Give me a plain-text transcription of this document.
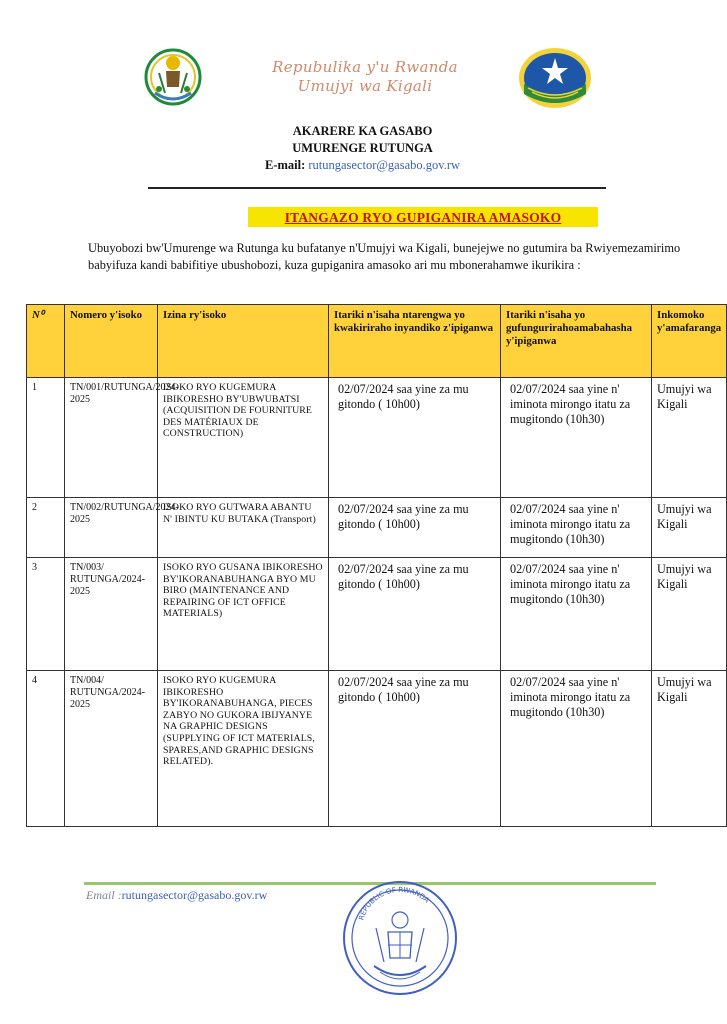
Repubulika y'u Rwanda
Umujyi wa Kigali
AKARERE KA GASABO
UMURENGE RUTUNGA
E-mail: rutungasector@gasabo.gov.rw
ITANGAZO RYO GUPIGANIRA AMASOKO
Ubuyobozi bw'Umurenge wa Rutunga ku bufatanye n'Umujyi wa Kigali, bunejejwe no gutumira ba Rwiyemezamirimo babyifuza kandi babifitiye ubushobozi, kuza gupiganira amasoko ari mu mbonerahamwe ikurikira :
N⁰	Nomero y'isoko	Izina ry'isoko	Itariki n'isaha ntarengwa yo kwakiriraho inyandiko z'ipiganwa	Itariki n'isaha yo gufungurirahoamabahasha y'ipiganwa	Inkomoko y'amafaranga
1	TN/001/RUTUNGA/2024-2025	ISOKO RYO KUGEMURA IBIKORESHO BY'UBWUBATSI (ACQUISITION DE FOURNITURE DES MATÉRIAUX DE CONSTRUCTION)	02/07/2024 saa yine za mu gitondo ( 10h00)	02/07/2024 saa yine n' iminota mirongo itatu za mugitondo (10h30)	Umujyi wa Kigali
2	TN/002/RUTUNGA/2024-2025	ISOKO RYO GUTWARA ABANTU N' IBINTU KU BUTAKA (Transport)	02/07/2024 saa yine za mu gitondo ( 10h00)	02/07/2024 saa yine n' iminota mirongo itatu za mugitondo (10h30)	Umujyi wa Kigali
3	TN/003/ RUTUNGA/2024-2025	ISOKO RYO GUSANA IBIKORESHO BY'IKORANABUHANGA BYO MU BIRO (MAINTENANCE AND REPAIRING OF ICT OFFICE MATERIALS)	02/07/2024 saa yine za mu gitondo ( 10h00)	02/07/2024 saa yine n' iminota mirongo itatu za mugitondo (10h30)	Umujyi wa Kigali
4	TN/004/ RUTUNGA/2024-2025	ISOKO RYO KUGEMURA IBIKORESHO BY'IKORANABUHANGA, PIECES ZABYO NO GUKORA IBIJYANYE NA GRAPHIC DESIGNS (SUPPLYING OF ICT MATERIALS, SPARES,AND GRAPHIC DESIGNS RELATED).	02/07/2024 saa yine za mu gitondo ( 10h00)	02/07/2024 saa yine n' iminota mirongo itatu za mugitondo (10h30)	Umujyi wa Kigali
Email :rutungasector@gasabo.gov.rw
REPUBLIC OF RWANDA
